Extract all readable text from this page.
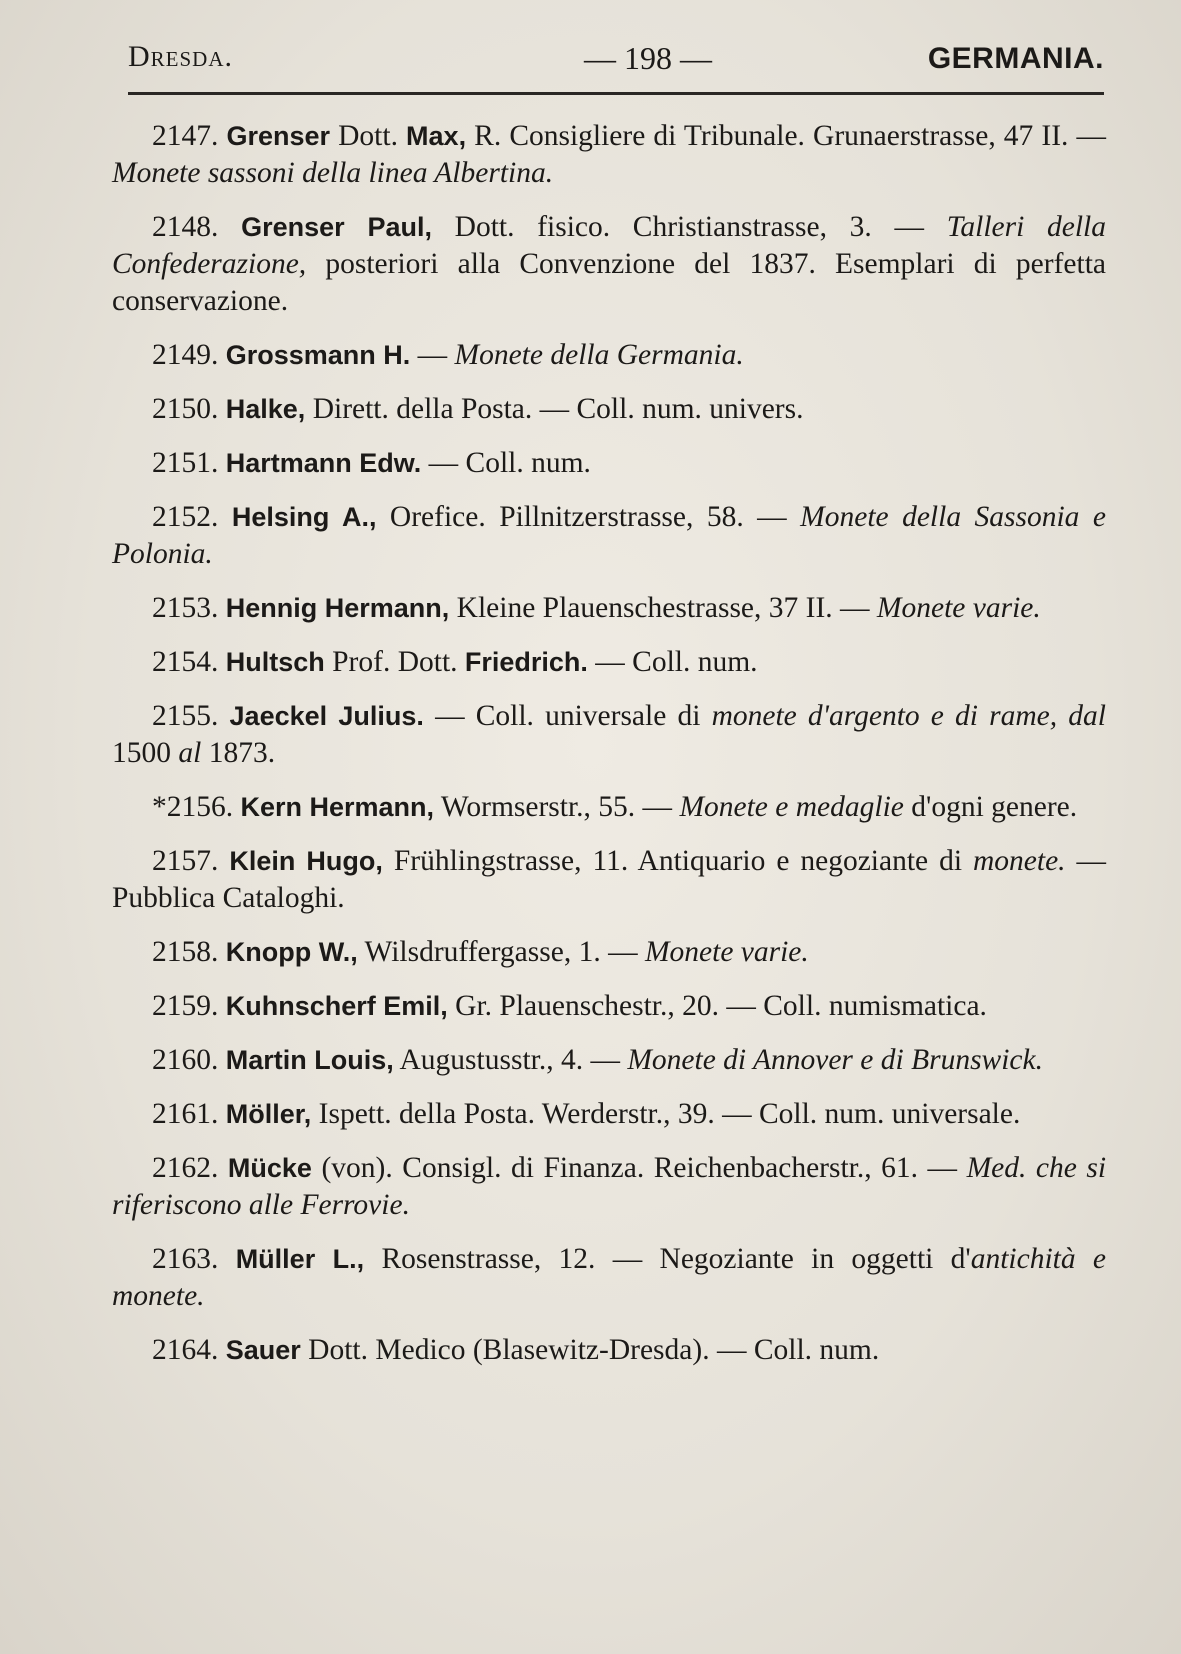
Dresda.	— 198 —	GERMANIA.

2147. Grenser Dott. Max, R. Consigliere di Tribunale. Grunaerstrasse, 47 II. — Monete sassoni della linea Albertina.

2148. Grenser Paul, Dott. fisico. Christianstrasse, 3. — Talleri della Confederazione, posteriori alla Convenzione del 1837. Esemplari di perfetta conservazione.

2149. Grossmann H. — Monete della Germania.

2150. Halke, Dirett. della Posta. — Coll. num. univers.

2151. Hartmann Edw. — Coll. num.

2152. Helsing A., Orefice. Pillnitzerstrasse, 58. — Monete della Sassonia e Polonia.

2153. Hennig Hermann, Kleine Plauenschestrasse, 37 II. — Monete varie.

2154. Hultsch Prof. Dott. Friedrich. — Coll. num.

2155. Jaeckel Julius. — Coll. universale di monete d'argento e di rame, dal 1500 al 1873.

*2156. Kern Hermann, Wormserstr., 55. — Monete e medaglie d'ogni genere.

2157. Klein Hugo, Frühlingstrasse, 11. Antiquario e negoziante di monete. — Pubblica Cataloghi.

2158. Knopp W., Wilsdruffergasse, 1. — Monete varie.

2159. Kuhnscherf Emil, Gr. Plauenschestr., 20. — Coll. numismatica.

2160. Martin Louis, Augustusstr., 4. — Monete di Annover e di Brunswick.

2161. Möller, Ispett. della Posta. Werderstr., 39. — Coll. num. universale.

2162. Mücke (von). Consigl. di Finanza. Reichenbacherstr., 61. — Med. che si riferiscono alle Ferrovie.

2163. Müller L., Rosenstrasse, 12. — Negoziante in oggetti d'antichità e monete.

2164. Sauer Dott. Medico (Blasewitz-Dresda). — Coll. num.
